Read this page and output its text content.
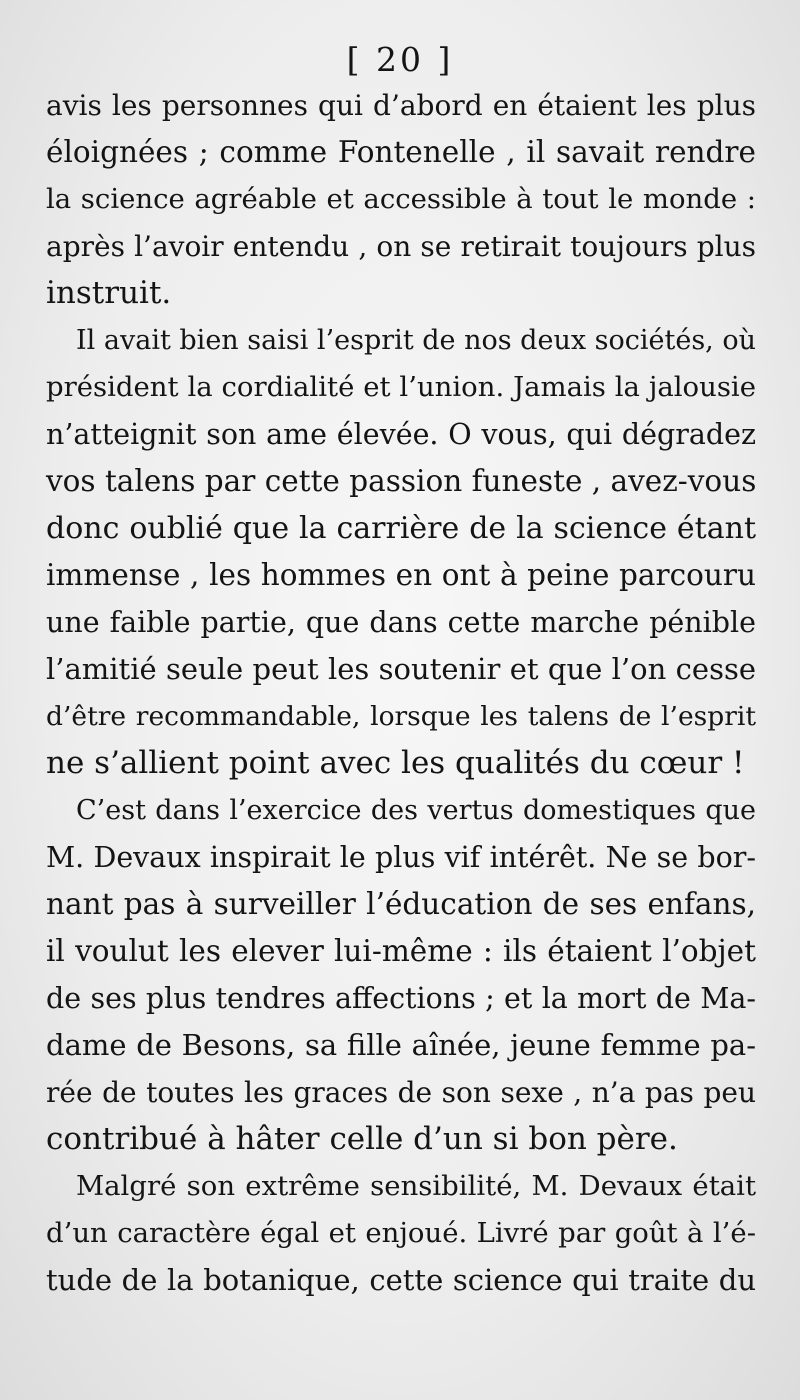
[ 20 ]
avis les personnes qui d’abord en étaient les plus
éloignées ; comme Fontenelle , il savait rendre
la science agréable et accessible à tout le monde :
après l’avoir entendu , on se retirait toujours plus
instruit.
Il avait bien saisi l’esprit de nos deux sociétés, où
président la cordialité et l’union. Jamais la jalousie
n’atteignit son ame élevée. O vous, qui dégradez
vos talens par cette passion funeste , avez-vous
donc oublié que la carrière de la science étant
immense , les hommes en ont à peine parcouru
une faible partie, que dans cette marche pénible
l’amitié seule peut les soutenir et que l’on cesse
d’être recommandable, lorsque les talens de l’esprit
ne s’allient point avec les qualités du cœur !
C’est dans l’exercice des vertus domestiques que
M. Devaux inspirait le plus vif intérêt. Ne se bor-
nant pas à surveiller l’éducation de ses enfans,
il voulut les elever lui-même : ils étaient l’objet
de ses plus tendres affections ; et la mort de Ma-
dame de Besons, sa fille aînée, jeune femme pa-
rée de toutes les graces de son sexe , n’a pas peu
contribué à hâter celle d’un si bon père.
Malgré son extrême sensibilité, M. Devaux était
d’un caractère égal et enjoué. Livré par goût à l’é-
tude de la botanique, cette science qui traite du
